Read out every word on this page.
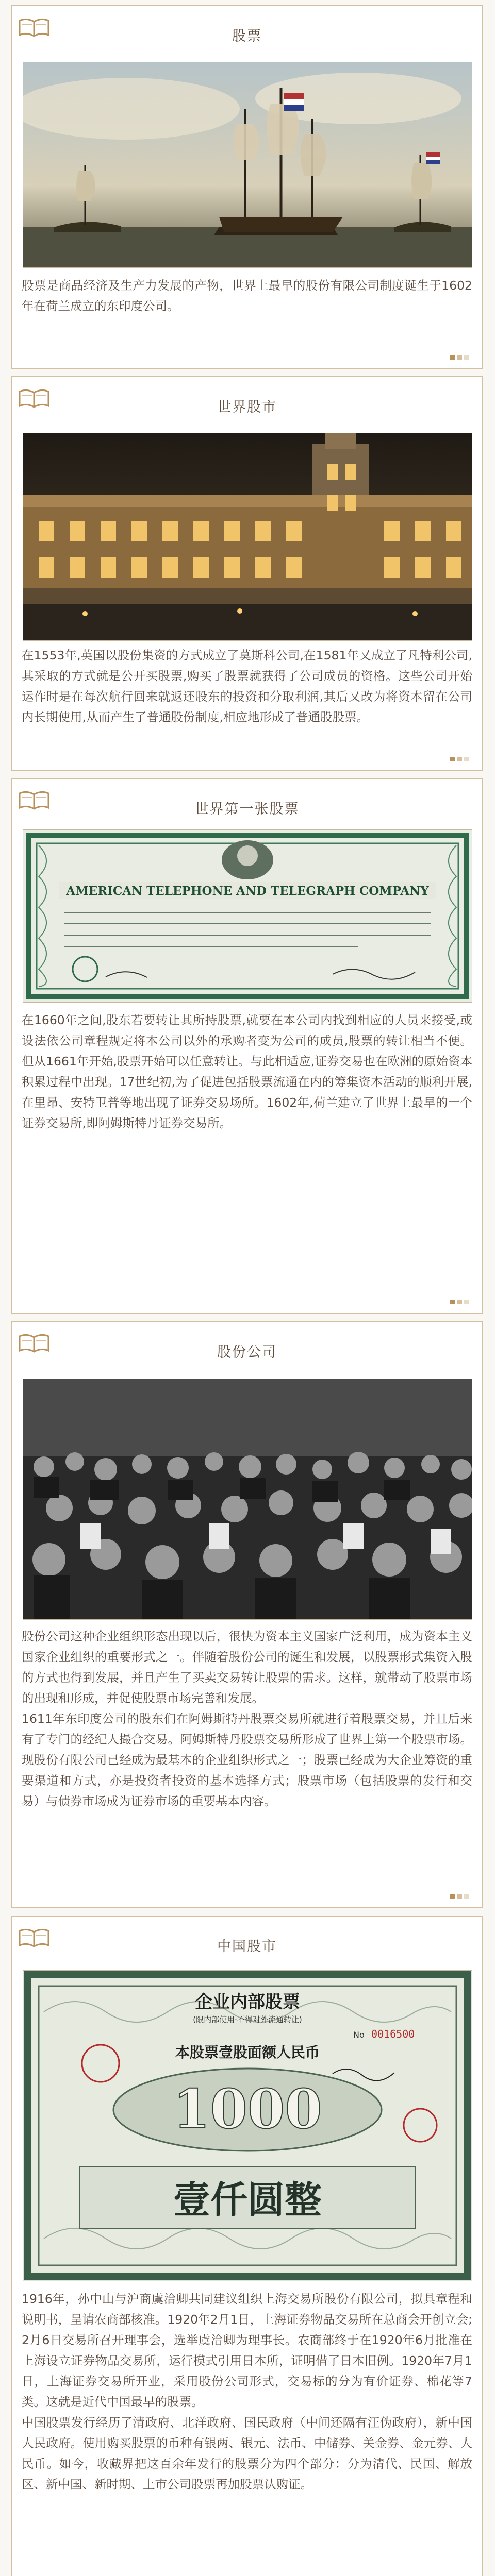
股票

股票是商品经济及生产力发展的产物，世界上最早的股份有限公司制度诞生于1602年在荷兰成立的东印度公司。

世界股市

在1553年,英国以股份集资的方式成立了莫斯科公司,在1581年又成立了凡特利公司,其采取的方式就是公开买股票,购买了股票就获得了公司成员的资格。这些公司开始运作时是在每次航行回来就返还股东的投资和分取利润,其后又改为将资本留在公司内长期使用,从而产生了普通股份制度,相应地形成了普通股股票。

世界第一张股票
AMERICAN TELEPHONE AND TELEGRAPH COMPANY

在1660年之间,股东若要转让其所持股票,就要在本公司内找到相应的人员来接受,或设法依公司章程规定将本公司以外的承购者变为公司的成员,股票的转让相当不便。但从1661年开始,股票开始可以任意转让。与此相适应,证券交易也在欧洲的原始资本积累过程中出现。17世纪初,为了促进包括股票流通在内的筹集资本活动的顺利开展,在里昂、安特卫普等地出现了证券交易场所。1602年,荷兰建立了世界上最早的一个证券交易所,即阿姆斯特丹证券交易所。

股份公司

股份公司这种企业组织形态出现以后，很快为资本主义国家广泛利用，成为资本主义国家企业组织的重要形式之一。伴随着股份公司的诞生和发展，以股票形式集资入股的方式也得到发展，并且产生了买卖交易转让股票的需求。这样，就带动了股票市场的出现和形成，并促使股票市场完善和发展。

1611年东印度公司的股东们在阿姆斯特丹股票交易所就进行着股票交易，并且后来有了专门的经纪人撮合交易。阿姆斯特丹股票交易所形成了世界上第一个股票市场。现股份有限公司已经成为最基本的企业组织形式之一；股票已经成为大企业筹资的重要渠道和方式，亦是投资者投资的基本选择方式；股票市场（包括股票的发行和交易）与债券市场成为证券市场的重要基本内容。

中国股市
企业内部股票
(限内部使用·不得对外流通转让)
No 0016500
本股票壹股面额人民币
1000
壹仟圆整

1916年，孙中山与沪商虞洽卿共同建议组织上海交易所股份有限公司，拟具章程和说明书，呈请农商部核准。1920年2月1日，上海证券物品交易所在总商会开创立会;2月6日交易所召开理事会，选举虞洽卿为理事长。农商部终于在1920年6月批准在上海设立证券物品交易所，运行模式引用日本所，证明借了日本旧例。1920年7月1日，上海证券交易所开业，采用股份公司形式，交易标的分为有价证券、棉花等7类。这就是近代中国最早的股票。

中国股票发行经历了清政府、北洋政府、国民政府（中间还隔有汪伪政府），新中国人民政府。使用购买股票的币种有银两、银元、法币、中储券、关金券、金元券、人民币。如今，收藏界把这百余年发行的股票分为四个部分：分为清代、民国、解放区、新中国、新时期、上市公司股票再加股票认购证。
